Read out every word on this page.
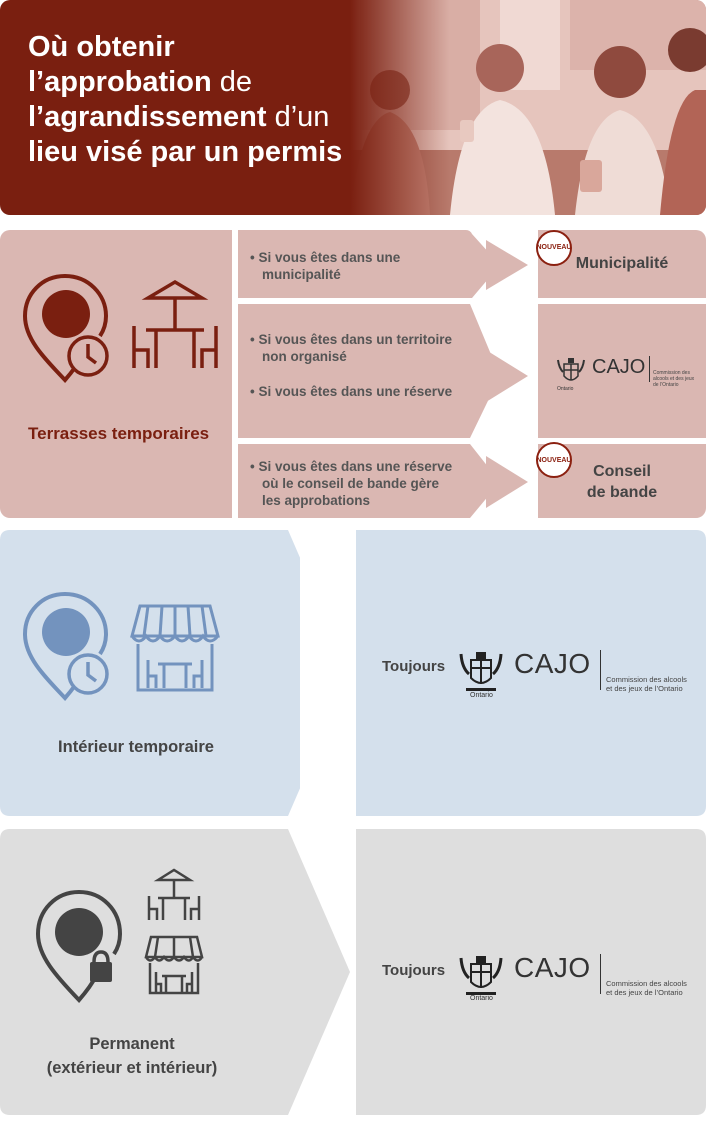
Où obtenir
l’approbation de
l’agrandissement d’un
lieu visé par un permis
Terrasses temporaires
• Si vous êtes dans une municipalité
• Si vous êtes dans un territoire non organisé
• Si vous êtes dans une réserve
• Si vous êtes dans une réserve où le conseil de bande gère les approbations
NOUVEAU
Municipalité
Ontario
CAJO Commission des alcools et des jeux de l’Ontario
NOUVEAU
Conseil
de bande
Intérieur temporaire
Toujours
Ontario
CAJO
Commission des alcools
et des jeux de l’Ontario
Permanent
(extérieur et intérieur)
Toujours
Ontario
CAJO
Commission des alcools
et des jeux de l’Ontario
